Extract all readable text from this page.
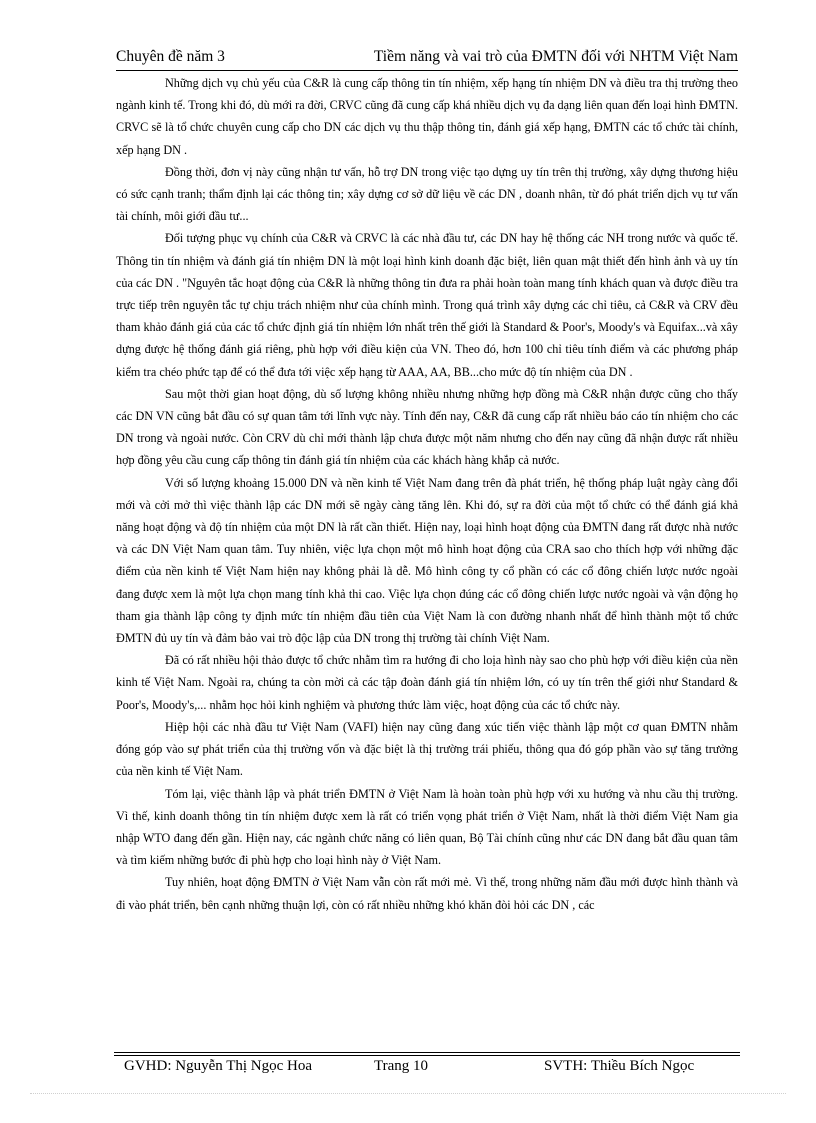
Chuyên đề năm 3	Tiềm năng và vai trò của ĐMTN đối với NHTM Việt Nam

Những dịch vụ chủ yếu của C&R là cung cấp thông tin tín nhiệm, xếp hạng tín nhiệm DN và điều tra thị trường theo ngành kinh tế. Trong khi đó, dù mới ra đời, CRVC cũng đã cung cấp khá nhiều dịch vụ đa dạng liên quan đến loại hình ĐMTN. CRVC sẽ là tổ chức chuyên cung cấp cho DN các dịch vụ thu thập thông tin, đánh giá xếp hạng, ĐMTN các tổ chức tài chính, xếp hạng DN .

Đồng thời, đơn vị này cũng nhận tư vấn, hỗ trợ DN trong việc tạo dựng uy tín trên thị trường, xây dựng thương hiệu có sức cạnh tranh; thẩm định lại các thông tin; xây dựng cơ sở dữ liệu về các DN , doanh nhân, từ đó phát triển dịch vụ tư vấn tài chính, môi giới đầu tư...

Đối tượng phục vụ chính của C&R và CRVC là các nhà đầu tư, các DN hay hệ thống các NH trong nước và quốc tế. Thông tin tín nhiệm và đánh giá tín nhiệm DN là một loại hình kinh doanh đặc biệt, liên quan mật thiết đến hình ảnh và uy tín của các DN . "Nguyên tắc hoạt động của C&R là những thông tin đưa ra phải hoàn toàn mang tính khách quan và được điều tra trực tiếp trên nguyên tắc tự chịu trách nhiệm như của chính mình. Trong quá trình xây dựng các chỉ tiêu, cả C&R và CRV đều tham khảo đánh giá của các tổ chức định giá tín nhiệm lớn nhất trên thế giới là Standard & Poor's, Moody's và Equifax...và xây dựng được hệ thống đánh giá riêng, phù hợp với điều kiện của VN. Theo đó, hơn 100 chỉ tiêu tính điểm và các phương pháp kiểm tra chéo phức tạp để có thể đưa tới việc xếp hạng từ AAA, AA, BB...cho mức độ tín nhiệm của DN .

Sau một thời gian hoạt động, dù số lượng không nhiều nhưng những hợp đồng mà C&R nhận được cũng cho thấy các DN VN cũng bắt đầu có sự quan tâm tới lĩnh vực này. Tính đến nay, C&R đã cung cấp rất nhiều báo cáo tín nhiệm cho các DN trong và ngoài nước. Còn CRV dù chỉ mới thành lập chưa được một năm nhưng cho đến nay cũng đã nhận được rất nhiều hợp đồng yêu cầu cung cấp thông tin đánh giá tín nhiệm của các khách hàng khắp cả nước.

Với số lượng khoảng 15.000 DN và nền kinh tế Việt Nam đang trên đà phát triển, hệ thống pháp luật ngày càng đổi mới và cởi mở thì việc thành lập các DN mới sẽ ngày càng tăng lên. Khi đó, sự ra đời của một tổ chức có thể đánh giá khả năng hoạt động và độ tín nhiệm của một DN là rất cần thiết. Hiện nay, loại hình hoạt động của ĐMTN đang rất được nhà nước và các DN Việt Nam quan tâm. Tuy nhiên, việc lựa chọn một mô hình hoạt động của CRA sao cho thích hợp với những đặc điểm của nền kinh tế Việt Nam hiện nay không phải là dễ. Mô hình công ty cổ phần có các cổ đông chiến lược nước ngoài đang được xem là một lựa chọn mang tính khả thi cao. Việc lựa chọn đúng các cổ đông chiến lược nước ngoài và vận động họ tham gia thành lập công ty định mức tín nhiệm đầu tiên của Việt Nam là con đường nhanh nhất để hình thành một tổ chức ĐMTN đủ uy tín và đảm bảo vai trò độc lập của DN trong thị trường tài chính Việt Nam.

Đã có rất nhiều hội thảo được tổ chức nhằm tìm ra hướng đi cho loịa hình này sao cho phù hợp với điều kiện của nền kinh tế Việt Nam. Ngoài ra, chúng ta còn mời cả các tập đoàn đánh giá tín nhiệm lớn, có uy tín trên thế giới như Standard & Poor's, Moody's,... nhằm học hỏi kinh nghiệm và phương thức làm việc, hoạt động của các tổ chức này.

Hiệp hội các nhà đầu tư Việt Nam (VAFI) hiện nay cũng đang xúc tiến việc thành lập một cơ quan ĐMTN nhằm đóng góp vào sự phát triển của thị trường vốn và đặc biệt là thị trường trái phiếu, thông qua đó góp phần vào sự tăng trưởng của nền kinh tế Việt Nam.

Tóm lại, việc thành lập và phát triển ĐMTN ở Việt Nam là hoàn toàn phù hợp với xu hướng và nhu cầu thị trường. Vì thế, kinh doanh thông tin tín nhiệm được xem là rất có triển vọng phát triển ở Việt Nam, nhất là thời điểm Việt Nam gia nhập WTO đang đến gần. Hiện nay, các ngành chức năng có liên quan, Bộ Tài chính cũng như các DN đang bắt đầu quan tâm và tìm kiếm những bước đi phù hợp cho loại hình này ở Việt Nam.

Tuy nhiên, hoạt động ĐMTN ở Việt Nam vẫn còn rất mới mẻ. Vì thế, trong những năm đầu mới được hình thành và đi vào phát triển, bên cạnh những thuận lợi, còn có rất nhiều những khó khăn đòi hỏi các DN , các

GVHD: Nguyễn Thị Ngọc Hoa	Trang 10	SVTH: Thiều Bích Ngọc
